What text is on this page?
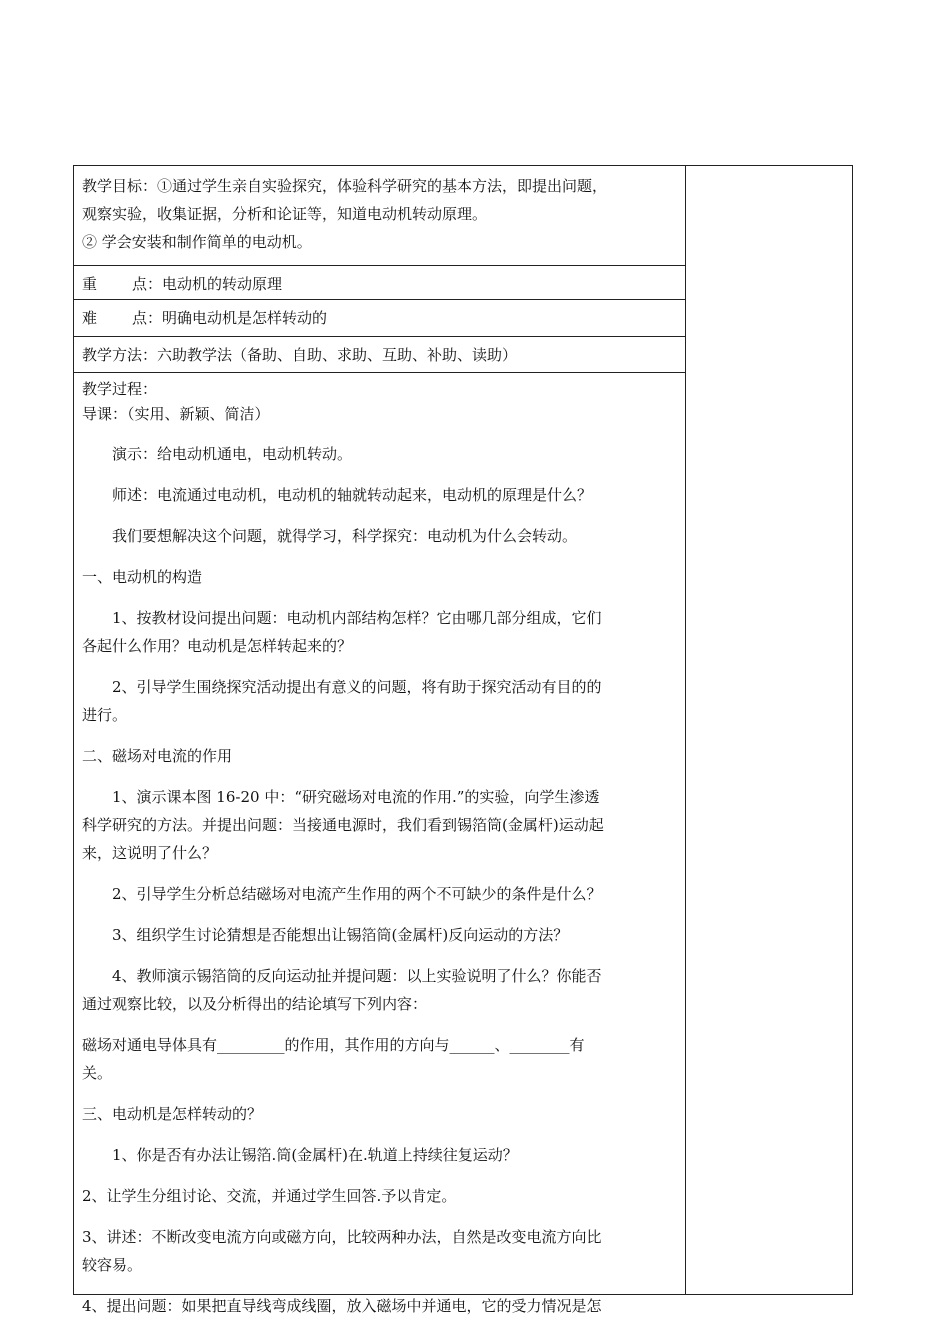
教学目标：①通过学生亲自实验探究，体验科学研究的基本方法，即提出问题，
观察实验，收集证据，分析和论证等，知道电动机转动原理。
② 学会安装和制作简单的电动机。
重 点：电动机的转动原理
难 点：明确电动机是怎样转动的
教学方法：六助教学法（备助、自助、求助、互助、补助、读助）
教学过程：
导课：（实用、新颖、简洁）

演示：给电动机通电，电动机转动。

师述：电流通过电动机，电动机的轴就转动起来，电动机的原理是什么？

我们要想解决这个问题，就得学习，科学探究：电动机为什么会转动。

一、电动机的构造

1、按教材设问提出问题：电动机内部结构怎样？它由哪几部分组成，它们
各起什么作用？电动机是怎样转起来的？
2、引导学生围绕探究活动提出有意义的问题，将有助于探究活动有目的的
进行。

二、磁场对电流的作用

1、演示课本图 16-20 中：“研究磁场对电流的作用.”的实验，向学生渗透
科学研究的方法。并提出问题：当接通电源时，我们看到锡箔筒(金属杆)运动起
来，这说明了什么？

2、引导学生分析总结磁场对电流产生作用的两个不可缺少的条件是什么？

3、组织学生讨论猜想是否能想出让锡箔筒(金属杆)反向运动的方法？

4、教师演示锡箔筒的反向运动扯并提问题：以上实验说明了什么？你能否
通过观察比较，以及分析得出的结论填写下列内容：
磁场对通电导体具有_________的作用，其作用的方向与______、________有
关。

三、电动机是怎样转动的？

1、你是否有办法让锡箔.筒(金属杆)在.轨道上持续往复运动？

2、让学生分组讨论、交流，并通过学生回答.予以肯定。

3、讲述：不断改变电流方向或磁方向，比较两种办法，自然是改变电流方向比
较容易。

4、提出问题：如果把直导线弯成线圈，放入磁场中并通电，它的受力情况是怎
